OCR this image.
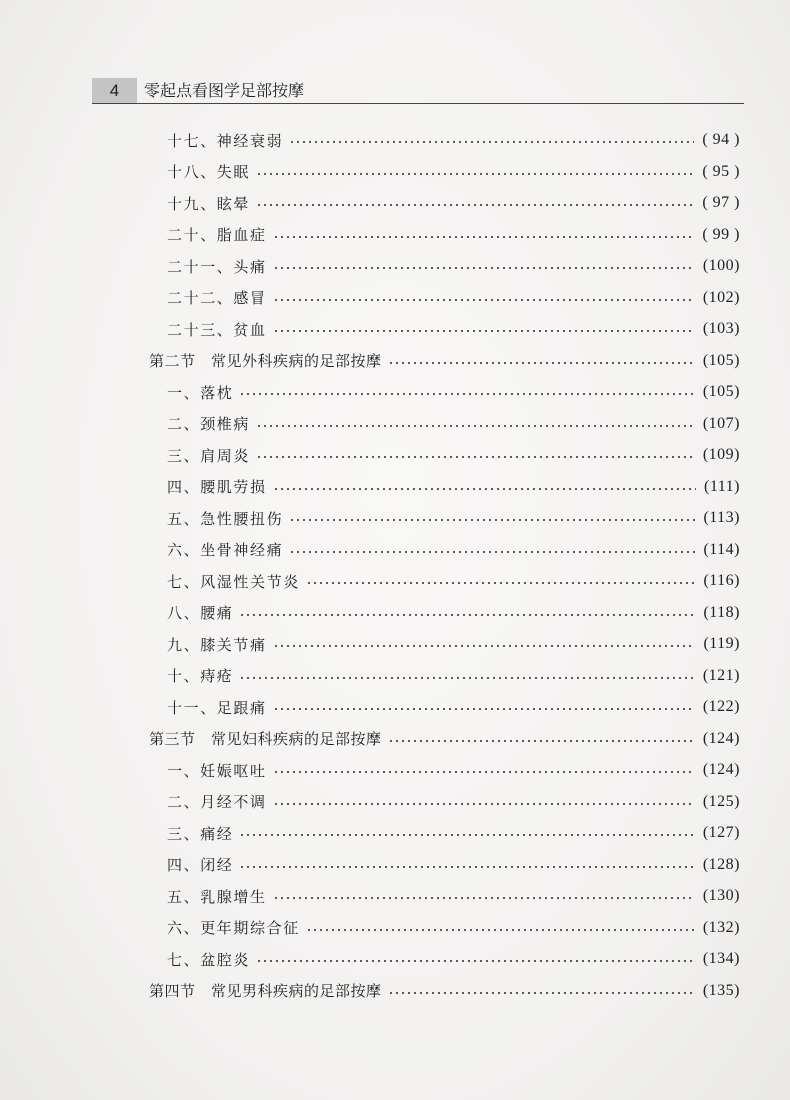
4	零起点看图学足部按摩
十七、神经衰弱	( 94 )
十八、失眠	( 95 )
十九、眩晕	( 97 )
二十、脂血症	( 99 )
二十一、头痛	(100)
二十二、感冒	(102)
二十三、贫血	(103)
第二节　常见外科疾病的足部按摩	(105)
一、落枕	(105)
二、颈椎病	(107)
三、肩周炎	(109)
四、腰肌劳损	(111)
五、急性腰扭伤	(113)
六、坐骨神经痛	(114)
七、风湿性关节炎	(116)
八、腰痛	(118)
九、膝关节痛	(119)
十、痔疮	(121)
十一、足跟痛	(122)
第三节　常见妇科疾病的足部按摩	(124)
一、妊娠呕吐	(124)
二、月经不调	(125)
三、痛经	(127)
四、闭经	(128)
五、乳腺增生	(130)
六、更年期综合征	(132)
七、盆腔炎	(134)
第四节　常见男科疾病的足部按摩	(135)
